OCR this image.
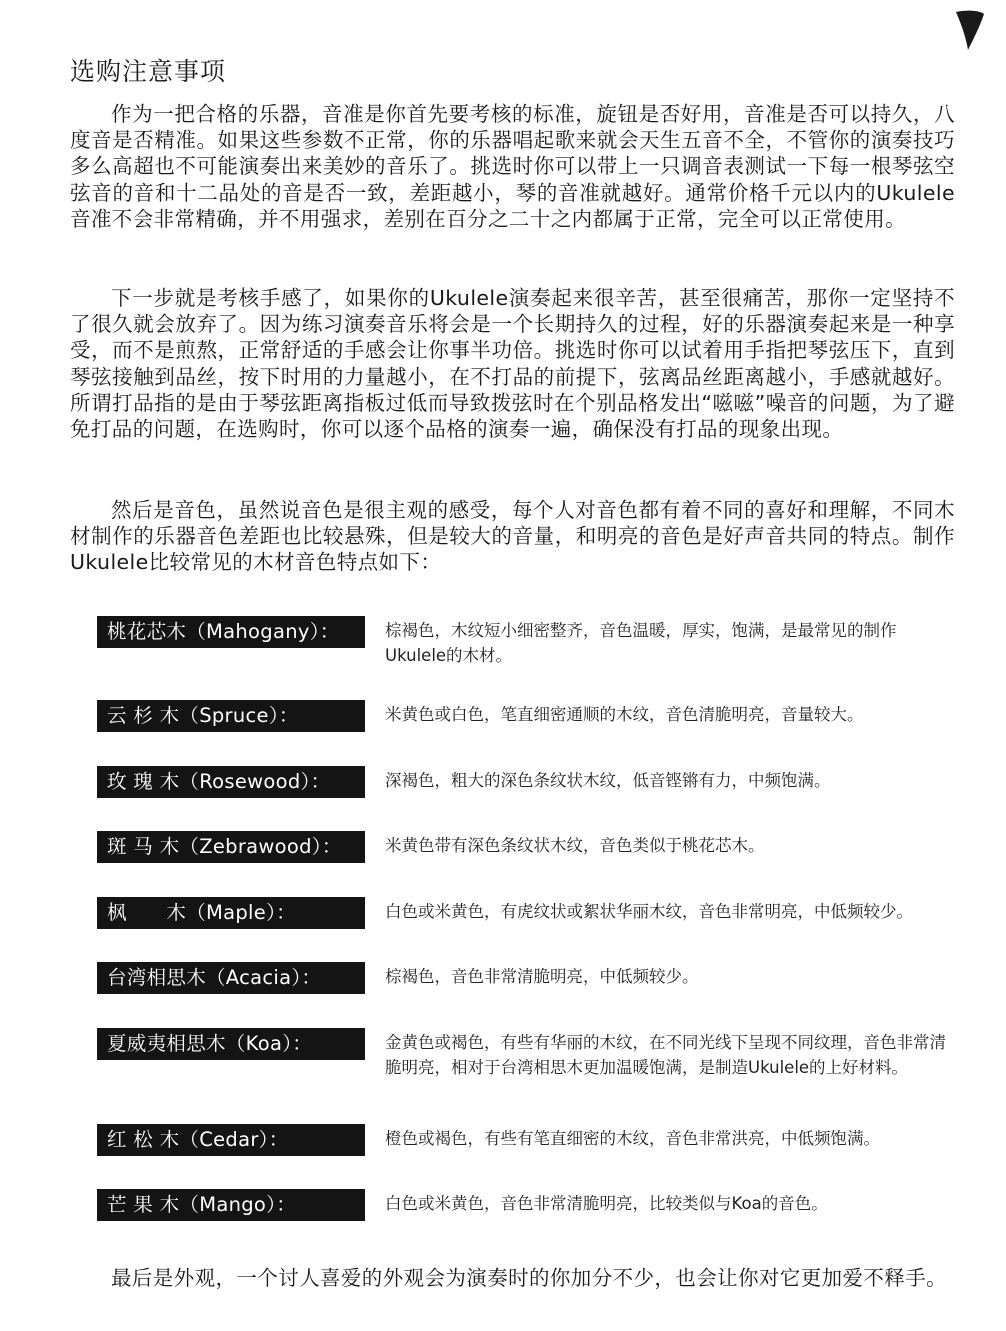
选购注意事项

作为一把合格的乐器，音准是你首先要考核的标准，旋钮是否好用，音准是否可以持久，八度音是否精准。如果这些参数不正常，你的乐器唱起歌来就会天生五音不全，不管你的演奏技巧多么高超也不可能演奏出来美妙的音乐了。挑选时你可以带上一只调音表测试一下每一根琴弦空弦音的音和十二品处的音是否一致，差距越小，琴的音准就越好。通常价格千元以内的Ukulele音准不会非常精确，并不用强求，差别在百分之二十之内都属于正常，完全可以正常使用。

下一步就是考核手感了，如果你的Ukulele演奏起来很辛苦，甚至很痛苦，那你一定坚持不了很久就会放弃了。因为练习演奏音乐将会是一个长期持久的过程，好的乐器演奏起来是一种享受，而不是煎熬，正常舒适的手感会让你事半功倍。挑选时你可以试着用手指把琴弦压下，直到琴弦接触到品丝，按下时用的力量越小，在不打品的前提下，弦离品丝距离越小，手感就越好。所谓打品指的是由于琴弦距离指板过低而导致拨弦时在个别品格发出“嗞嗞”噪音的问题，为了避免打品的问题，在选购时，你可以逐个品格的演奏一遍，确保没有打品的现象出现。

然后是音色，虽然说音色是很主观的感受，每个人对音色都有着不同的喜好和理解，不同木材制作的乐器音色差距也比较悬殊，但是较大的音量，和明亮的音色是好声音共同的特点。制作Ukulele比较常见的木材音色特点如下：

桃花芯木（Mahogany）：	棕褐色，木纹短小细密整齐，音色温暖，厚实，饱满，是最常见的制作Ukulele的木材。

云 杉 木（Spruce）：	米黄色或白色，笔直细密通顺的木纹，音色清脆明亮，音量较大。

玫 瑰 木（Rosewood）：	深褐色，粗大的深色条纹状木纹，低音铿锵有力，中频饱满。

斑 马 木（Zebrawood）：	米黄色带有深色条纹状木纹，音色类似于桃花芯木。

枫　　木（Maple）：	白色或米黄色，有虎纹状或絮状华丽木纹，音色非常明亮，中低频较少。

台湾相思木（Acacia）：	棕褐色，音色非常清脆明亮，中低频较少。

夏威夷相思木（Koa）：	金黄色或褐色，有些有华丽的木纹，在不同光线下呈现不同纹理，音色非常清脆明亮，相对于台湾相思木更加温暖饱满，是制造Ukulele的上好材料。

红 松 木（Cedar）：	橙色或褐色，有些有笔直细密的木纹，音色非常洪亮，中低频饱满。

芒 果 木（Mango）：	白色或米黄色，音色非常清脆明亮，比较类似与Koa的音色。

最后是外观，一个讨人喜爱的外观会为演奏时的你加分不少，也会让你对它更加爱不释手。
